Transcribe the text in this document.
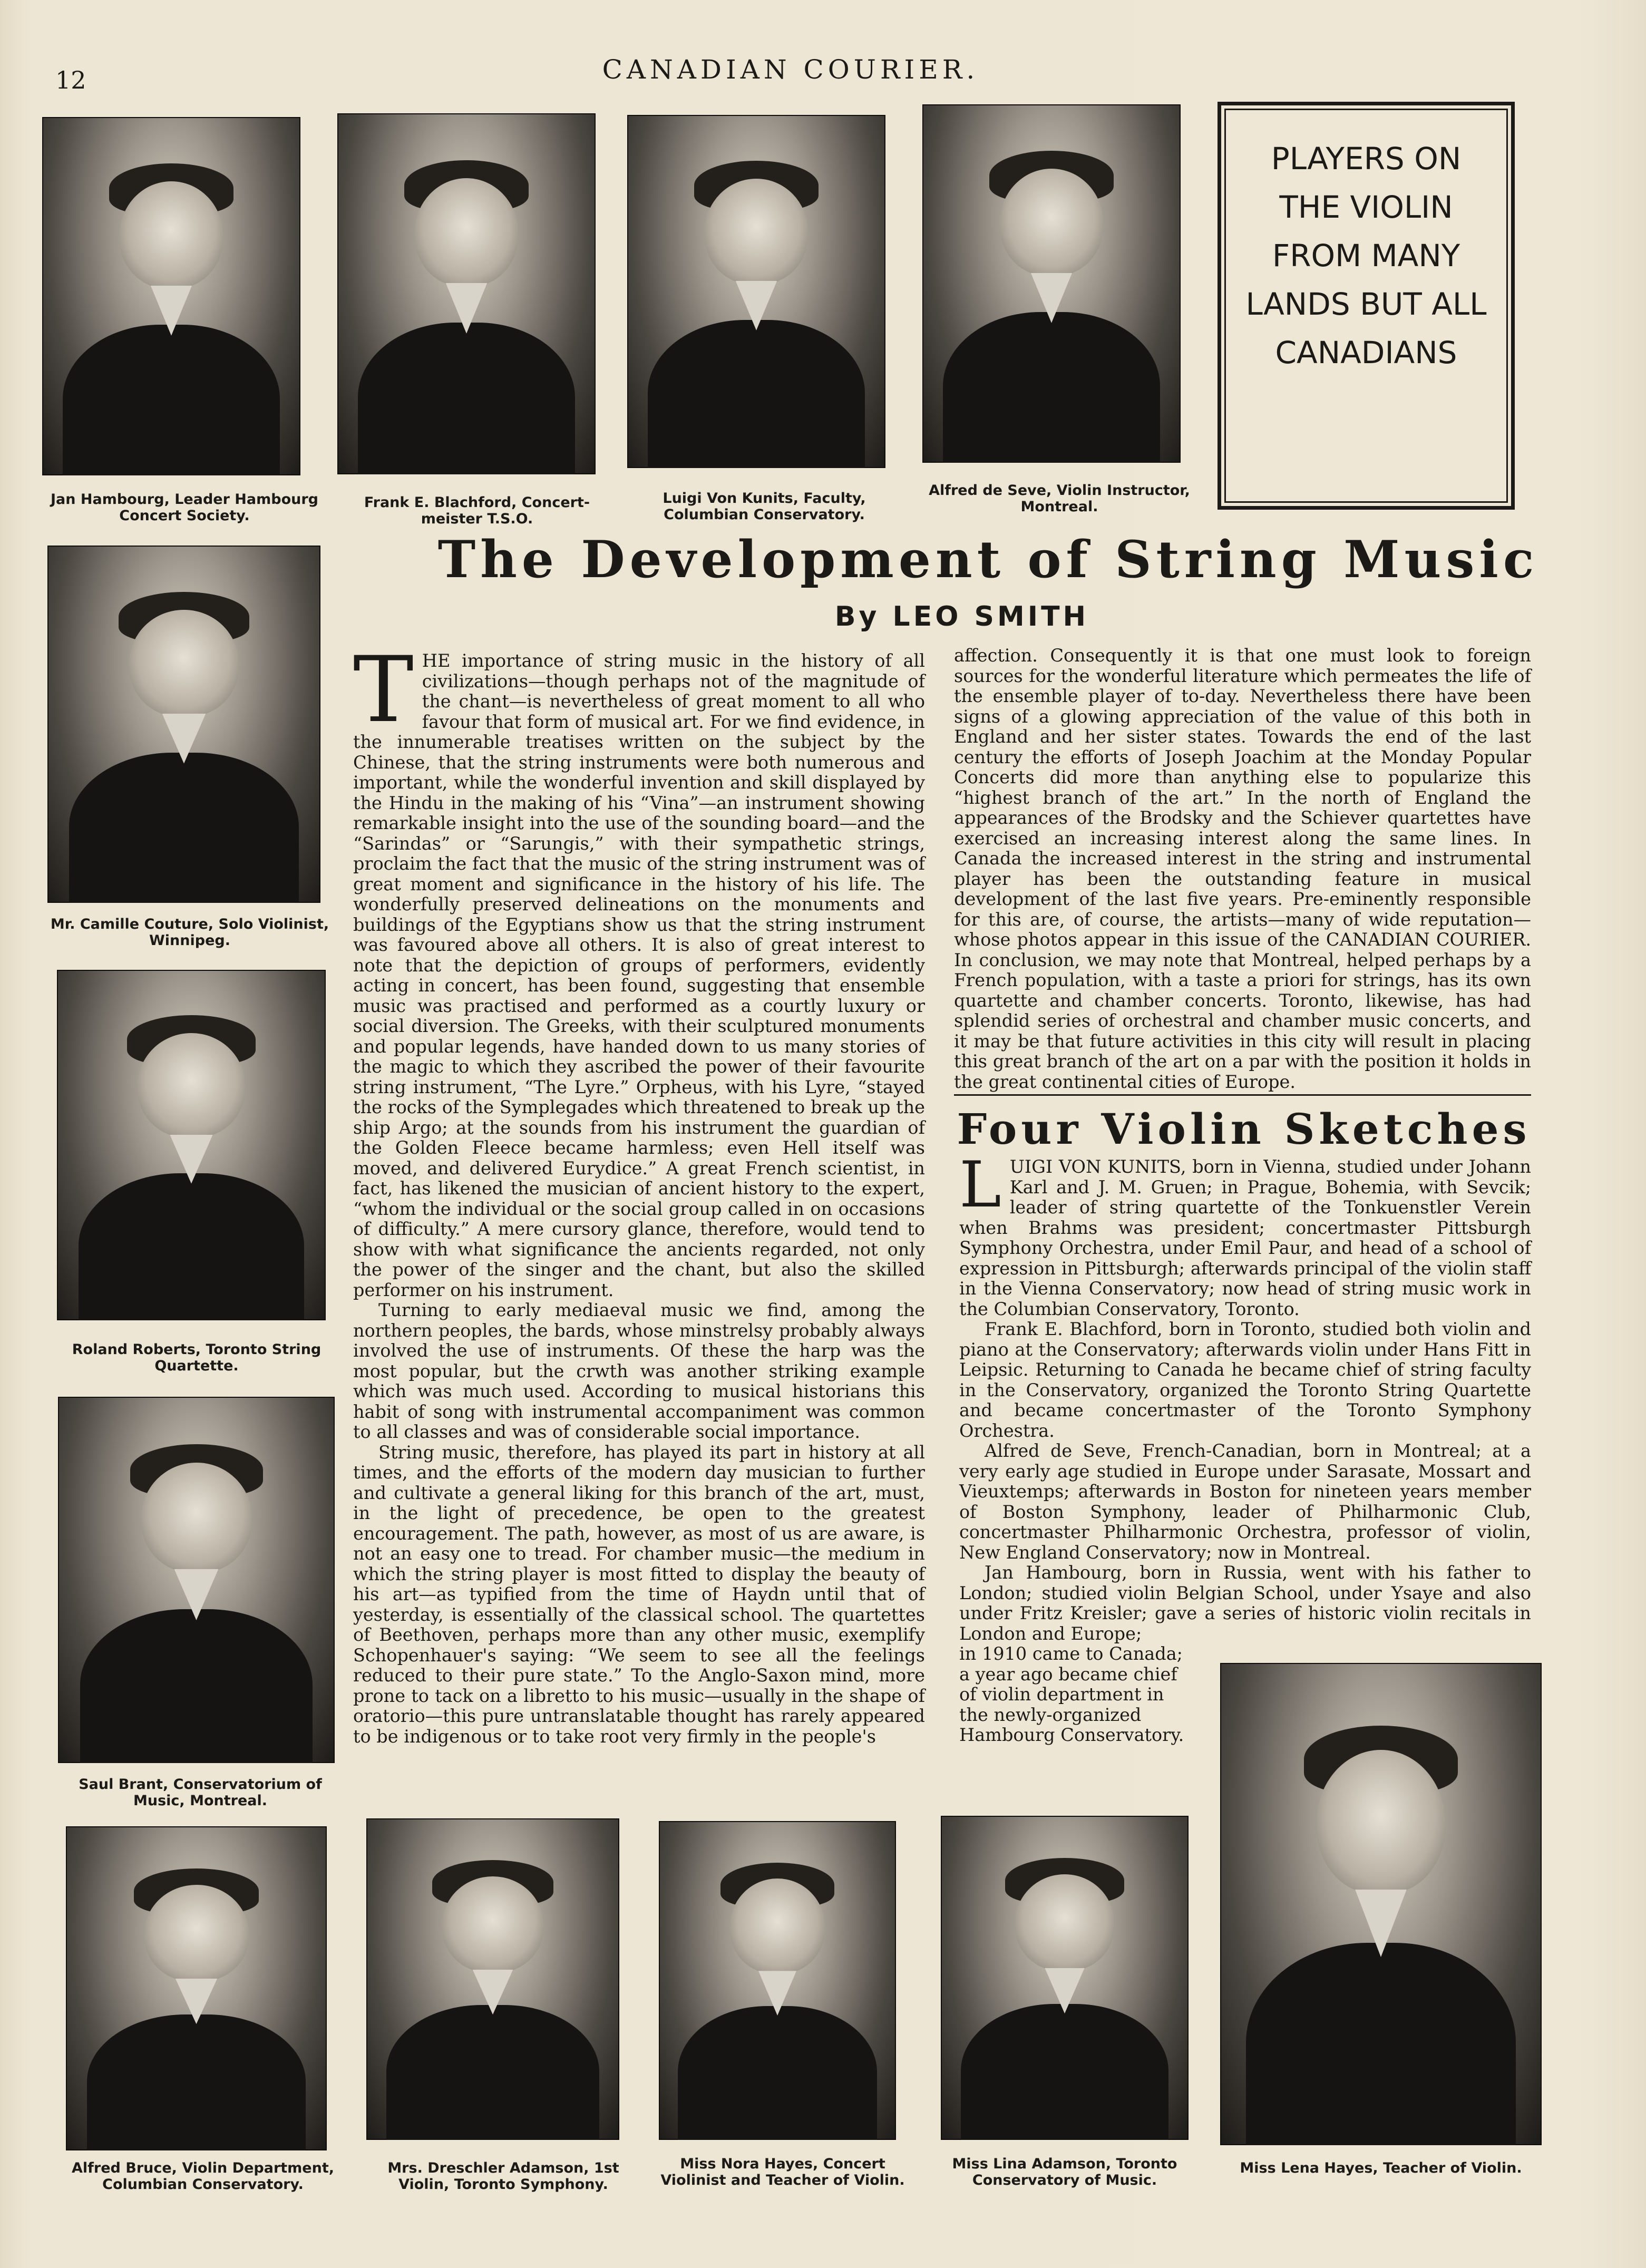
12	CANADIAN COURIER.
Jan Hambourg, Leader Hambourg Concert Society.
Frank E. Blachford, Concert-meister T.S.O.
Luigi Von Kunits, Faculty, Columbian Conservatory.
Alfred de Seve, Violin Instructor, Montreal.
PLAYERS ON THE VIOLIN FROM MANY LANDS BUT ALL CANADIANS
Mr. Camille Couture, Solo Violinist, Winnipeg.
Roland Roberts, Toronto String Quartette.
Saul Brant, Conservatorium of Music, Montreal.
The Development of String Music
By LEO SMITH

THE importance of string music in the history of all civilizations—though perhaps not of the magnitude of the chant—is nevertheless of great moment to all who favour that form of musical art. For we find evidence, in the innumerable treatises written on the subject by the Chinese, that the string instruments were both numerous and important, while the wonderful invention and skill displayed by the Hindu in the making of his “Vina”—an instrument showing remarkable insight into the use of the sounding board—and the “Sarindas” or “Sarungis,” with their sympathetic strings, proclaim the fact that the music of the string instrument was of great moment and significance in the history of his life. The wonderfully preserved delineations on the monuments and buildings of the Egyptians show us that the string instrument was favoured above all others. It is also of great interest to note that the depiction of groups of performers, evidently acting in concert, has been found, suggesting that ensemble music was practised and performed as a courtly luxury or social diversion. The Greeks, with their sculptured monuments and popular legends, have handed down to us many stories of the magic to which they ascribed the power of their favourite string instrument, “The Lyre.” Orpheus, with his Lyre, “stayed the rocks of the Symplegades which threatened to break up the ship Argo; at the sounds from his instrument the guardian of the Golden Fleece became harmless; even Hell itself was moved, and delivered Eurydice.” A great French scientist, in fact, has likened the musician of ancient history to the expert, “whom the individual or the social group called in on occasions of difficulty.” A mere cursory glance, therefore, would tend to show with what significance the ancients regarded, not only the power of the singer and the chant, but also the skilled performer on his instrument.

Turning to early mediaeval music we find, among the northern peoples, the bards, whose minstrelsy probably always involved the use of instruments. Of these the harp was the most popular, but the crwth was another striking example which was much used. According to musical historians this habit of song with instrumental accompaniment was common to all classes and was of considerable social importance.

String music, therefore, has played its part in history at all times, and the efforts of the modern day musician to further and cultivate a general liking for this branch of the art, must, in the light of precedence, be open to the greatest encouragement. The path, however, as most of us are aware, is not an easy one to tread. For chamber music—the medium in which the string player is most fitted to display the beauty of his art—as typified from the time of Haydn until that of yesterday, is essentially of the classical school. The quartettes of Beethoven, perhaps more than any other music, exemplify Schopenhauer's saying: “We seem to see all the feelings reduced to their pure state.” To the Anglo-Saxon mind, more prone to tack on a libretto to his music—usually in the shape of oratorio—this pure untranslatable thought has rarely appeared to be indigenous or to take root very firmly in the people's

affection. Consequently it is that one must look to foreign sources for the wonderful literature which permeates the life of the ensemble player of to-day. Nevertheless there have been signs of a glowing appreciation of the value of this both in England and her sister states. Towards the end of the last century the efforts of Joseph Joachim at the Monday Popular Concerts did more than anything else to popularize this “highest branch of the art.” In the north of England the appearances of the Brodsky and the Schiever quartettes have exercised an increasing interest along the same lines. In Canada the increased interest in the string and instrumental player has been the outstanding feature in musical development of the last five years. Pre-eminently responsible for this are, of course, the artists—many of wide reputation—whose photos appear in this issue of the CANADIAN COURIER. In conclusion, we may note that Montreal, helped perhaps by a French population, with a taste a priori for strings, has its own quartette and chamber concerts. Toronto, likewise, has had splendid series of orchestral and chamber music concerts, and it may be that future activities in this city will result in placing this great branch of the art on a par with the position it holds in the great continental cities of Europe.

Four Violin Sketches

LUIGI VON KUNITS, born in Vienna, studied under Johann Karl and J. M. Gruen; in Prague, Bohemia, with Sevcik; leader of string quartette of the Tonkuenstler Verein when Brahms was president; concertmaster Pittsburgh Symphony Orchestra, under Emil Paur, and head of a school of expression in Pittsburgh; afterwards principal of the violin staff in the Vienna Conservatory; now head of string music work in the Columbian Conservatory, Toronto.

Frank E. Blachford, born in Toronto, studied both violin and piano at the Conservatory; afterwards violin under Hans Fitt in Leipsic. Returning to Canada he became chief of string faculty in the Conservatory, organized the Toronto String Quartette and became concertmaster of the Toronto Symphony Orchestra.

Alfred de Seve, French-Canadian, born in Montreal; at a very early age studied in Europe under Sarasate, Mossart and Vieuxtemps; afterwards in Boston for nineteen years member of Boston Symphony, leader of Philharmonic Club, concertmaster Philharmonic Orchestra, professor of violin, New England Conservatory; now in Montreal.

Jan Hambourg, born in Russia, went with his father to London; studied violin Belgian School, under Ysaye and also under Fritz Kreisler; gave a series of historic violin recitals in London and Europe;

in 1910 came to Canada; a year ago became chief of violin department in the newly-organized Hambourg Conservatory.

Alfred Bruce, Violin Department, Columbian Conservatory.
Mrs. Dreschler Adamson, 1st Violin, Toronto Symphony.
Miss Nora Hayes, Concert Violinist and Teacher of Violin.
Miss Lina Adamson, Toronto Conservatory of Music.
Miss Lena Hayes, Teacher of Violin.
